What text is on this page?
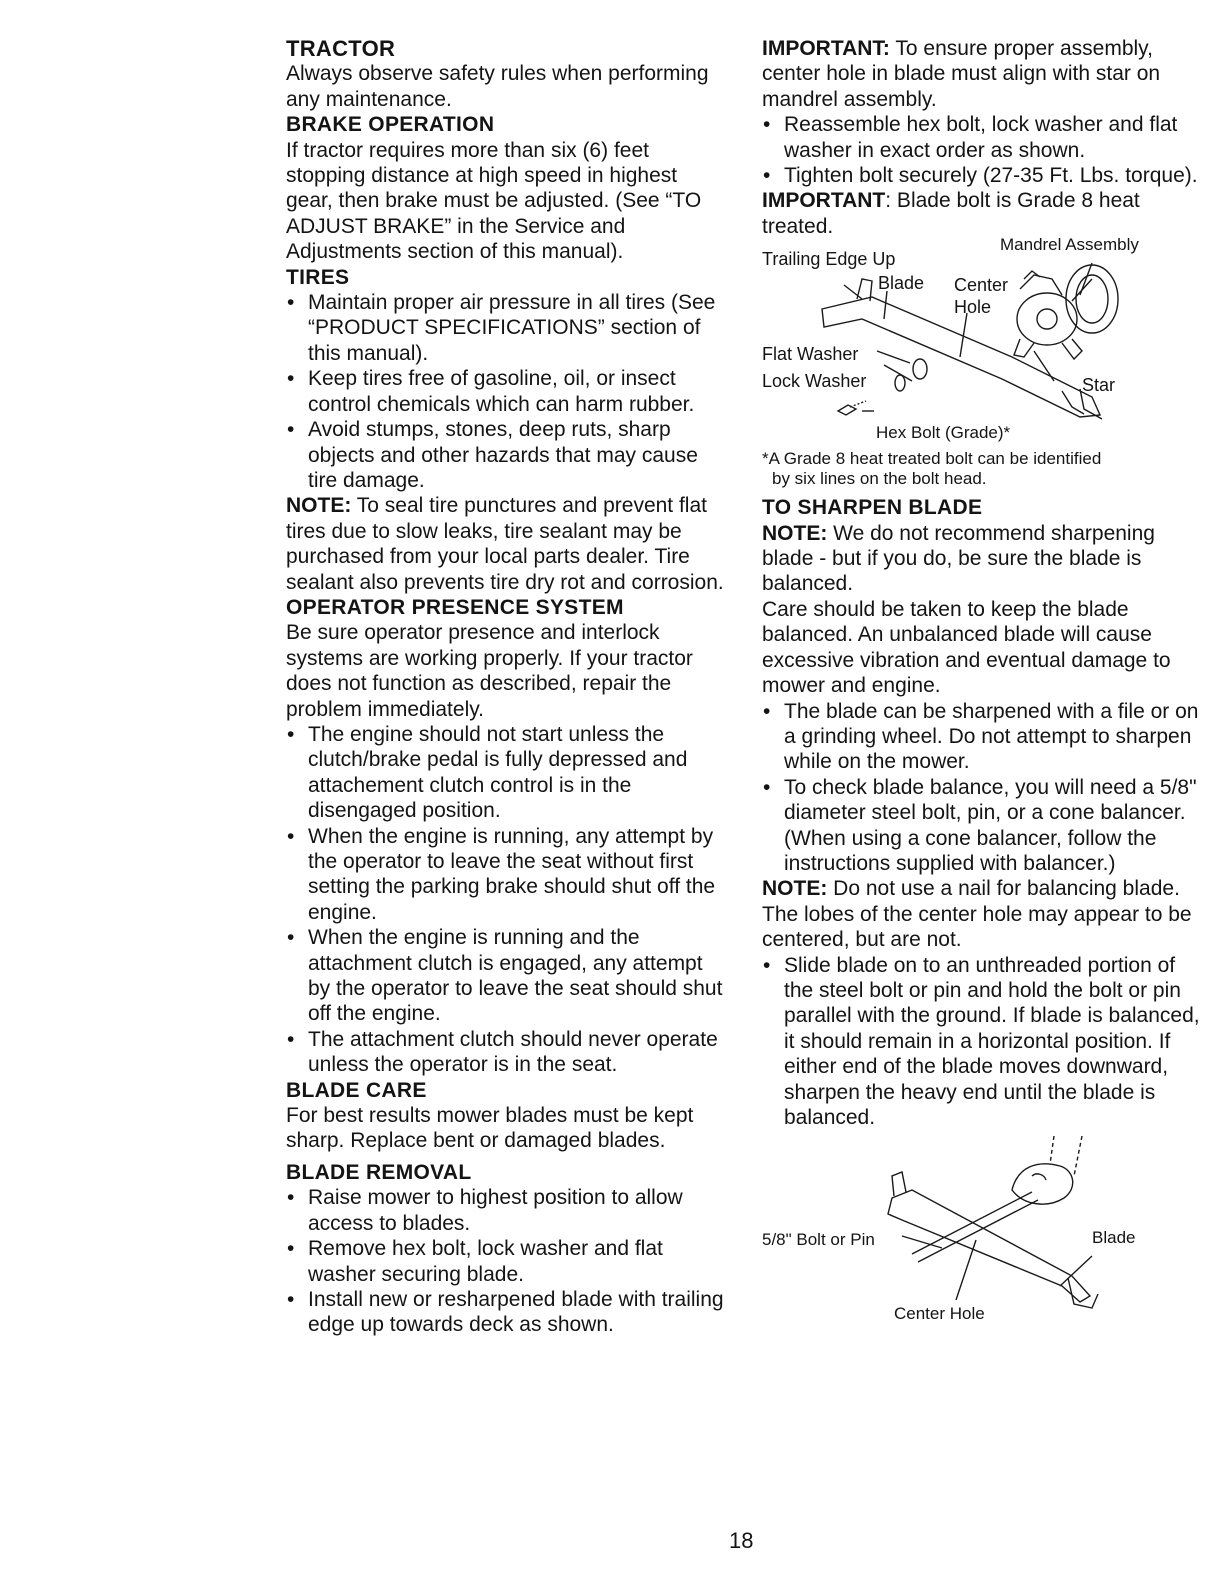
TRACTOR

Always observe safety rules when performing any maintenance.

BRAKE OPERATION

If tractor requires more than six (6) feet stopping distance at high speed in highest gear, then brake must be adjusted. (See “TO ADJUST BRAKE” in the Service and Adjustments section of this manual).

TIRES
• Maintain proper air pressure in all tires (See “PRODUCT SPECIFICATIONS” section of this manual).
• Keep tires free of gasoline, oil, or insect control chemicals which can harm rubber.
• Avoid stumps, stones, deep ruts, sharp objects and other hazards that may cause tire damage.

NOTE: To seal tire punctures and prevent flat tires due to slow leaks, tire sealant may be purchased from your local parts dealer. Tire sealant also prevents tire dry rot and corrosion.

OPERATOR PRESENCE SYSTEM

Be sure operator presence and interlock systems are working properly. If your tractor does not function as described, repair the problem immediately.

• The engine should not start unless the clutch/brake pedal is fully depressed and attachement clutch control is in the disengaged position.
• When the engine is running, any attempt by the operator to leave the seat without first setting the parking brake should shut off the engine.
• When the engine is running and the attachment clutch is engaged, any attempt by the operator to leave the seat should shut off the engine.
• The attachment clutch should never operate unless the operator is in the seat.
BLADE CARE

For best results mower blades must be kept sharp. Replace bent or damaged blades.

BLADE REMOVAL
• Raise mower to highest position to allow access to blades.
• Remove hex bolt, lock washer and flat washer securing blade.
• Install new or resharpened blade with trailing edge up towards deck as shown.

IMPORTANT: To ensure proper assembly, center hole in blade must align with star on mandrel assembly.

• Reassemble hex bolt, lock washer and flat washer in exact order as shown.
• Tighten bolt securely (27-35 Ft. Lbs. torque).

IMPORTANT: Blade bolt is Grade 8 heat treated.

Trailing Edge Up
Mandrel Assembly
Blade Center
Hole
Flat Washer
Lock Washer	Star
Hex Bolt (Grade)*

*A Grade 8 heat treated bolt can be identified

by six lines on the bolt head.

TO SHARPEN BLADE

NOTE: We do not recommend sharpening blade - but if you do, be sure the blade is balanced.

Care should be taken to keep the blade balanced. An unbalanced blade will cause excessive vibration and eventual damage to mower and engine.

• The blade can be sharpened with a file or on a grinding wheel. Do not attempt to sharpen while on the mower.
• To check blade balance, you will need a 5/8" diameter steel bolt, pin, or a cone balancer. (When using a cone balancer, follow the instructions supplied with balancer.)

NOTE: Do not use a nail for balancing blade. The lobes of the center hole may appear to be centered, but are not.

• Slide blade on to an unthreaded portion of the steel bolt or pin and hold the bolt or pin parallel with the ground. If blade is balanced, it should remain in a horizontal position. If either end of the blade moves downward, sharpen the heavy end until the blade is balanced.
5/8" Bolt or Pin	Blade
Center Hole
18
